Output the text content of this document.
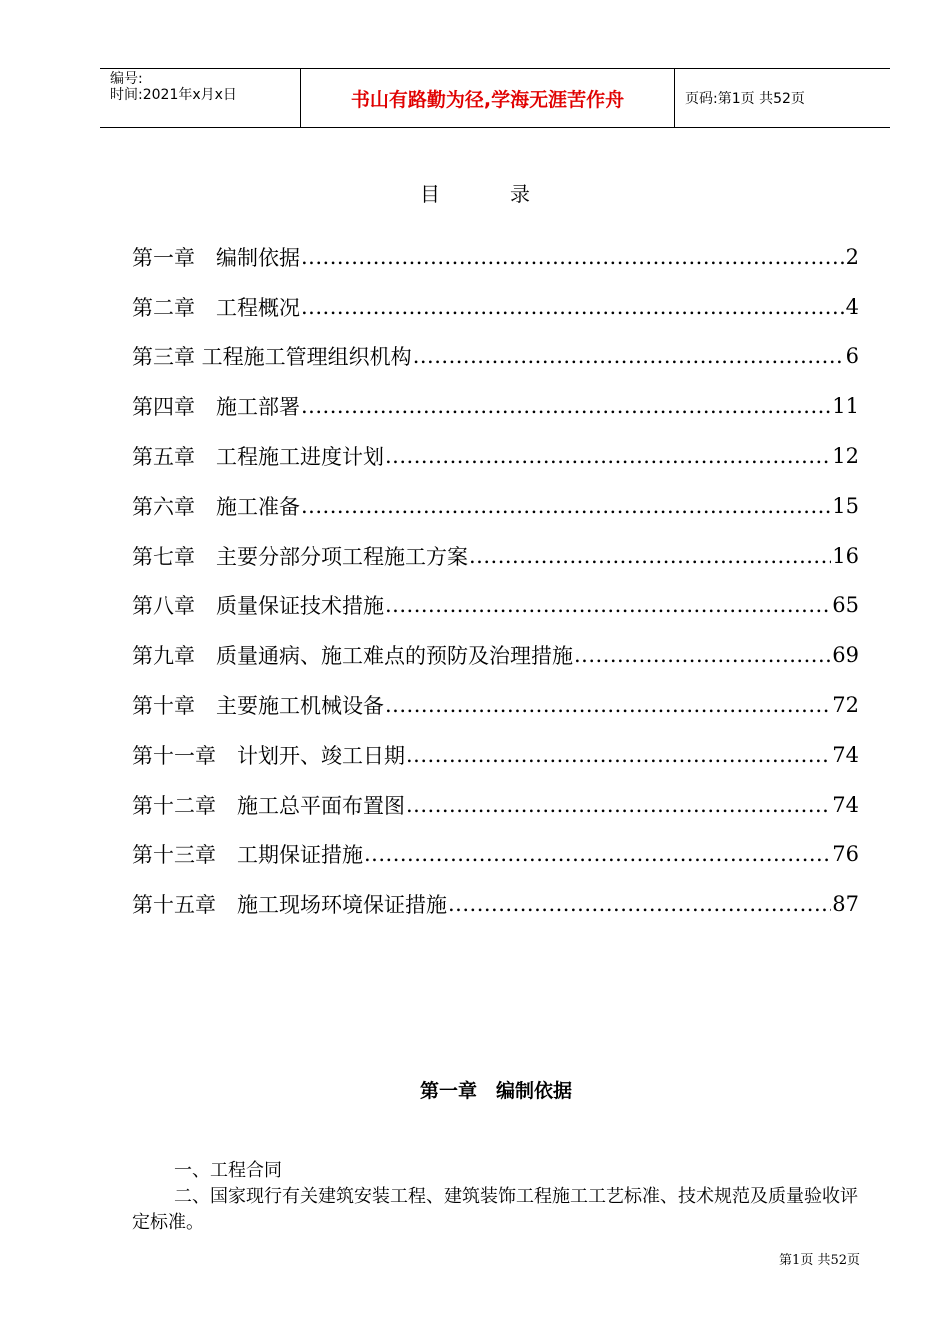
编号:
时间:2021年x月x日	书山有路勤为径,学海无涯苦作舟	页码:第1页 共52页
目	录
第一章　编制依据 .....	2
第二章　工程概况 .....	4
第三章 工程施工管理组织机构 .....	6
第四章　施工部署 .....	11
第五章　工程施工进度计划 .....	12
第六章　施工准备 .....	15
第七章　主要分部分项工程施工方案 .....	16
第八章　质量保证技术措施 .....	65
第九章　质量通病、施工难点的预防及治理措施 .....	69
第十章　主要施工机械设备 .....	72
第十一章　计划开、竣工日期 .....	74
第十二章　施工总平面布置图 .....	74
第十三章　工期保证措施 .....	76
第十五章　施工现场环境保证措施 .....	87
第一章　编制依据

一、工程合同

二、国家现行有关建筑安装工程、建筑装饰工程施工工艺标准、技术规范及质量验收评定标准。

第1页 共52页
